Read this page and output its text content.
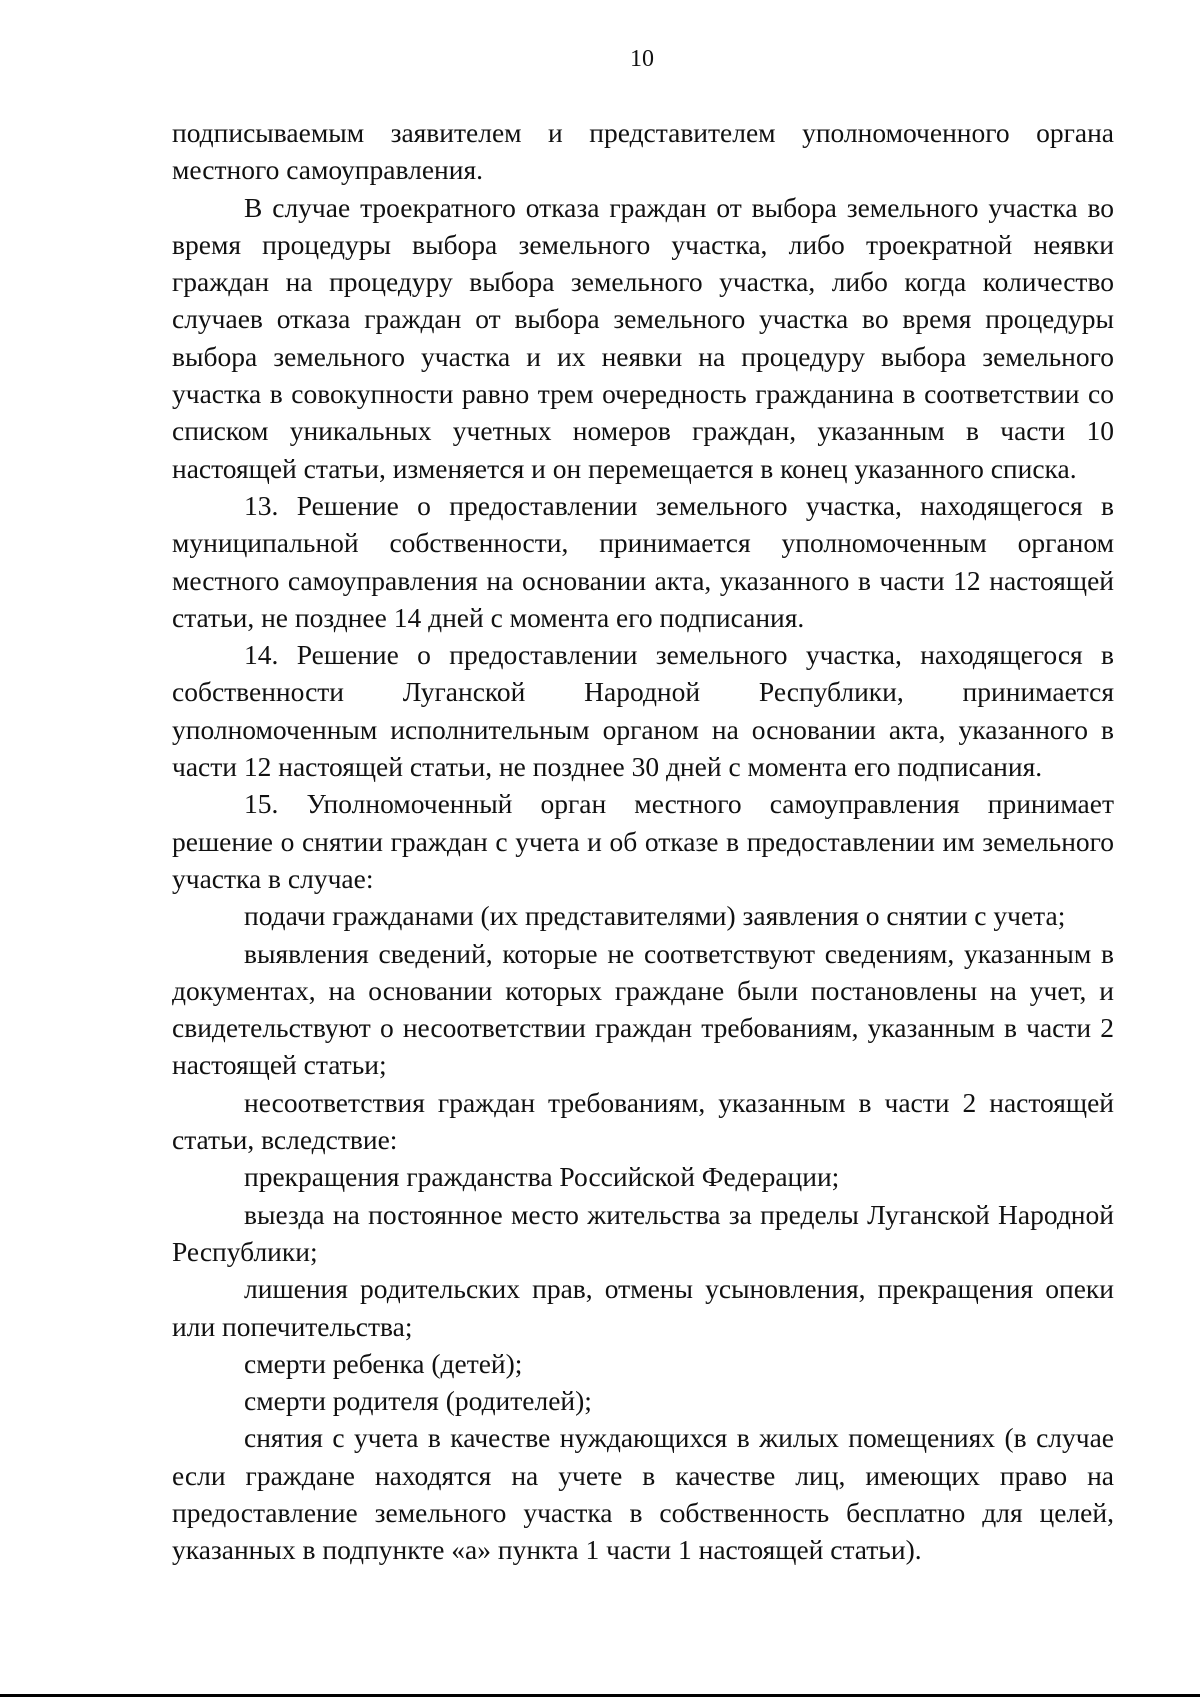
10

подписываемым заявителем и представителем уполномоченного органа местного самоуправления.

В случае троекратного отказа граждан от выбора земельного участка во время процедуры выбора земельного участка, либо троекратной неявки граждан на процедуру выбора земельного участка, либо когда количество случаев отказа граждан от выбора земельного участка во время процедуры выбора земельного участка и их неявки на процедуру выбора земельного участка в совокупности равно трем очередность гражданина в соответствии со списком уникальных учетных номеров граждан, указанным в части 10 настоящей статьи, изменяется и он перемещается в конец указанного списка.

13. Решение о предоставлении земельного участка, находящегося в муниципальной собственности, принимается уполномоченным органом местного самоуправления на основании акта, указанного в части 12 настоящей статьи, не позднее 14 дней с момента его подписания.

14. Решение о предоставлении земельного участка, находящегося в собственности Луганской Народной Республики, принимается уполномоченным исполнительным органом на основании акта, указанного в части 12 настоящей статьи, не позднее 30 дней с момента его подписания.

15. Уполномоченный орган местного самоуправления принимает решение о снятии граждан с учета и об отказе в предоставлении им земельного участка в случае:

подачи гражданами (их представителями) заявления о снятии с учета;

выявления сведений, которые не соответствуют сведениям, указанным в документах, на основании которых граждане были постановлены на учет, и свидетельствуют о несоответствии граждан требованиям, указанным в части 2 настоящей статьи;

несоответствия граждан требованиям, указанным в части 2 настоящей статьи, вследствие:

прекращения гражданства Российской Федерации;

выезда на постоянное место жительства за пределы Луганской Народной Республики;

лишения родительских прав, отмены усыновления, прекращения опеки или попечительства;

смерти ребенка (детей);

смерти родителя (родителей);

снятия с учета в качестве нуждающихся в жилых помещениях (в случае если граждане находятся на учете в качестве лиц, имеющих право на предоставление земельного участка в собственность бесплатно для целей, указанных в подпункте «а» пункта 1 части 1 настоящей статьи).
